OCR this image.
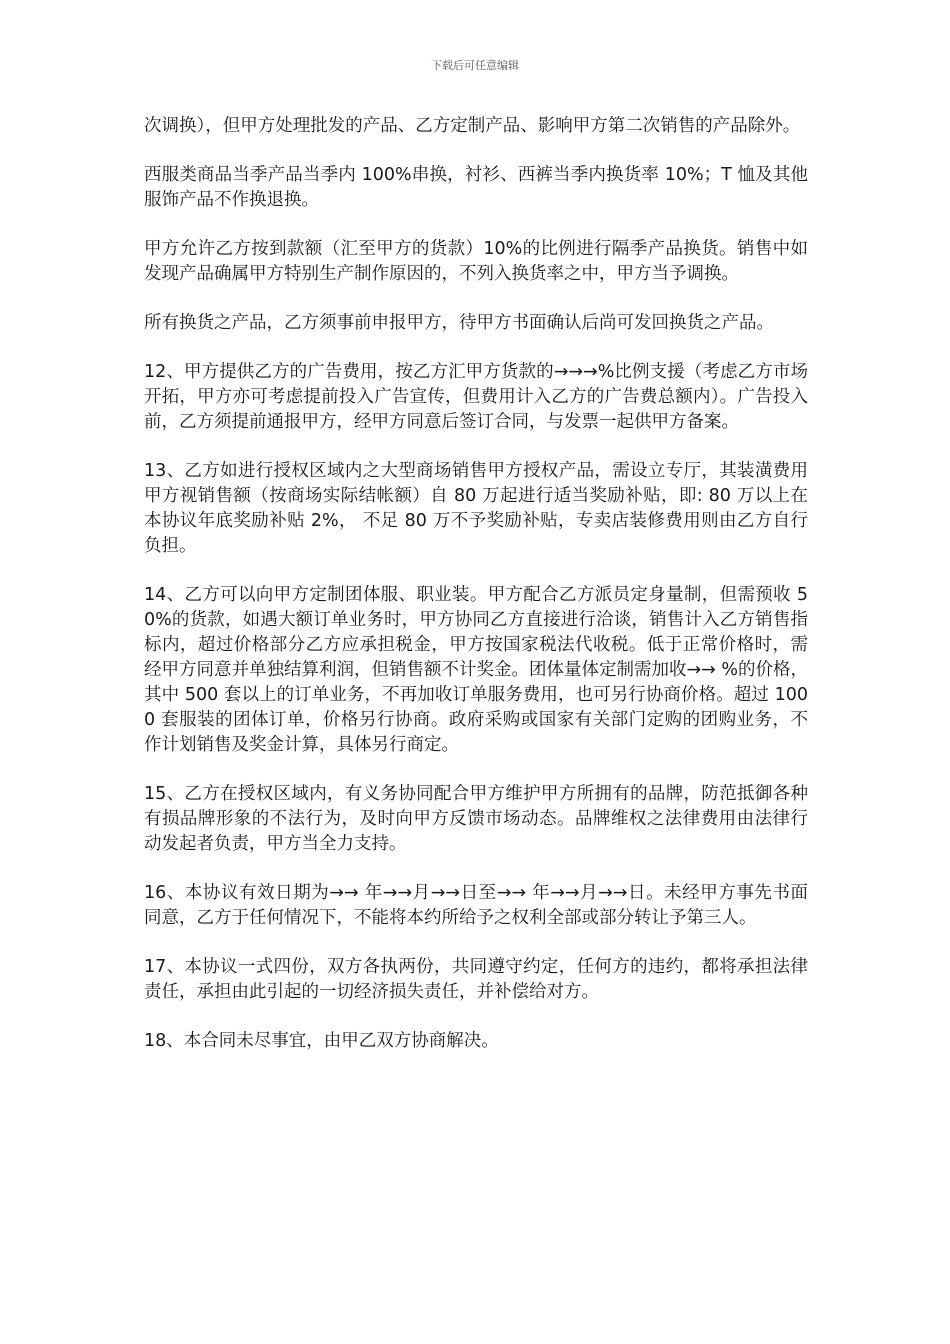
下载后可任意编辑

次调换），但甲方处理批发的产品、乙方定制产品、影响甲方第二次销售的产品除外。

西服类商品当季产品当季内 100%串换，衬衫、西裤当季内换货率 10%；T 恤及其他服饰产品不作换退换。

甲方允许乙方按到款额（汇至甲方的货款）10%的比例进行隔季产品换货。销售中如发现产品确属甲方特别生产制作原因的，不列入换货率之中，甲方当予调换。

所有换货之产品，乙方须事前申报甲方，待甲方书面确认后尚可发回换货之产品。

12、甲方提供乙方的广告费用，按乙方汇甲方货款的→→→%比例支援（考虑乙方市场开拓，甲方亦可考虑提前投入广告宣传，但费用计入乙方的广告费总额内）。广告投入前，乙方须提前通报甲方，经甲方同意后签订合同，与发票一起供甲方备案。

13、乙方如进行授权区域内之大型商场销售甲方授权产品，需设立专厅，其装潢费用甲方视销售额（按商场实际结帐额）自 80 万起进行适当奖励补贴，即: 80 万以上在本协议年底奖励补贴 2%， 不足 80 万不予奖励补贴，专卖店装修费用则由乙方自行负担。

14、乙方可以向甲方定制团体服、职业装。甲方配合乙方派员定身量制，但需预收 50%的货款，如遇大额订单业务时，甲方协同乙方直接进行洽谈，销售计入乙方销售指标内，超过价格部分乙方应承担税金，甲方按国家税法代收税。低于正常价格时，需经甲方同意并单独结算利润，但销售额不计奖金。团体量体定制需加收→→ %的价格，其中 500 套以上的订单业务，不再加收订单服务费用，也可另行协商价格。超过 1000 套服装的团体订单，价格另行协商。政府采购或国家有关部门定购的团购业务，不作计划销售及奖金计算，具体另行商定。

15、乙方在授权区域内，有义务协同配合甲方维护甲方所拥有的品牌，防范抵御各种有损品牌形象的不法行为，及时向甲方反馈市场动态。品牌维权之法律费用由法律行动发起者负责，甲方当全力支持。

16、本协议有效日期为→→ 年→→月→→日至→→ 年→→月→→日。未经甲方事先书面同意，乙方于任何情况下，不能将本约所给予之权利全部或部分转让予第三人。

17、本协议一式四份，双方各执两份，共同遵守约定，任何方的违约，都将承担法律责任，承担由此引起的一切经济损失责任，并补偿给对方。

18、本合同未尽事宜，由甲乙双方协商解决。
